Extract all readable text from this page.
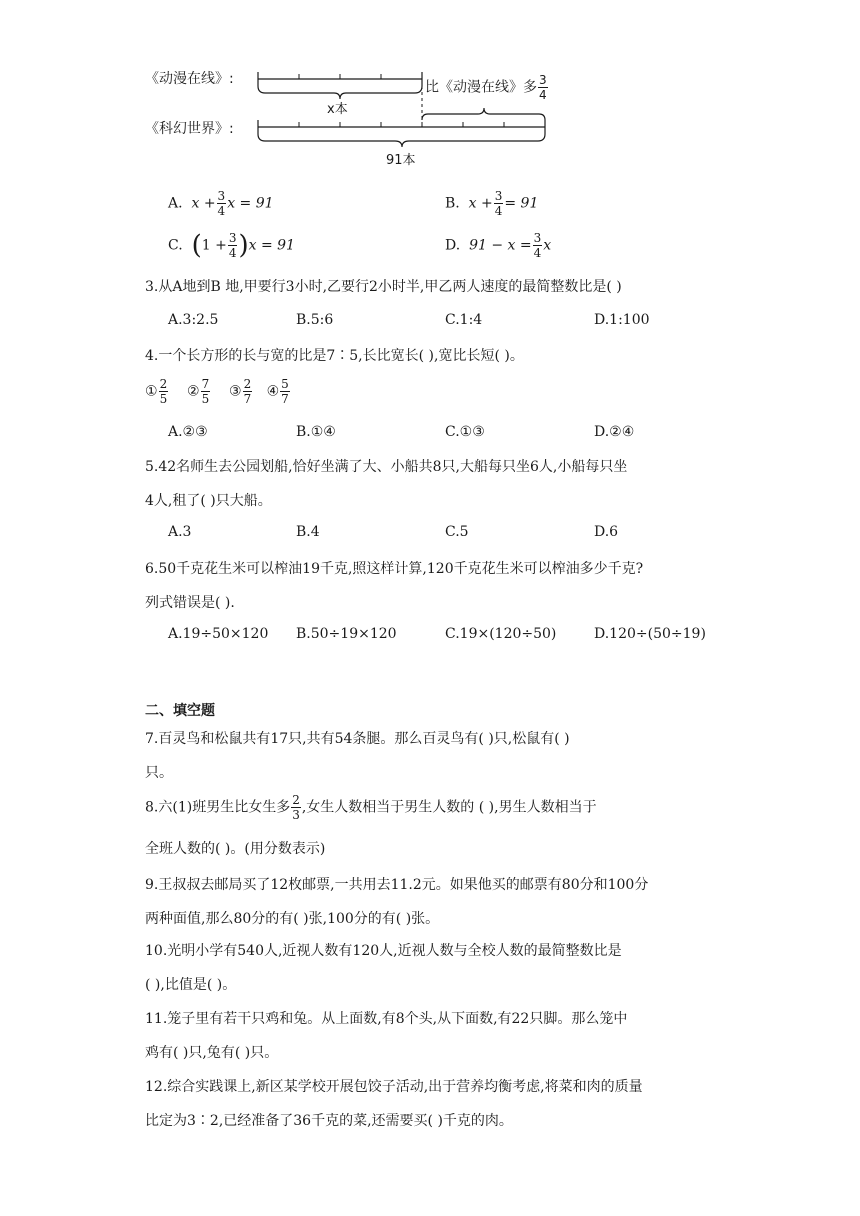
《动漫在线》:
《科幻世界》:
x本
比《动漫在线》多 $\frac{3}{4}$
91本
A. $x + \frac{3}{4}$ x = 91	B. $x + \frac{3}{4} = 91$
C. $(1 + \frac{3}{4} )x = 91$	D. $91 - x = \frac{3}{4}$ x
3.从A地到B 地,甲要行3小时,乙要行2小时半,甲乙两人速度的最简整数比是( )
A.3:2.5	B.5:6	C.1:4	D.1:100
4.一个长方形的长与宽的比是7∶5,长比宽长( ),宽比长短( )。
① $\frac{2}{5}$ ② $\frac{7}{5}$ ③ $\frac{2}{7}$ ④ $\frac{5}{7}$
A.②③	B.①④	C.①③	D.②④
5.42名师生去公园划船,恰好坐满了大、小船共8只,大船每只坐6人,小船每只坐
4人,租了( )只大船。
A.3	B.4	C.5	D.6
6.50千克花生米可以榨油19千克,照这样计算,120千克花生米可以榨油多少千克?
列式错误是( ).
A.19÷50×120 B.50÷19×120	C.19×(120÷50)	D.120÷(50÷19)
二、填空题
7.百灵鸟和松鼠共有17只,共有54条腿。那么百灵鸟有( )只,松鼠有( )
只。
8.六(1)班男生比女生多 $\frac{2}{3}$ ,女生人数相当于男生人数的 ( ),男生人数相当于
全班人数的( )。(用分数表示)
9.王叔叔去邮局买了12枚邮票,一共用去11.2元。如果他买的邮票有80分和100分
两种面值,那么80分的有( )张,100分的有( )张。
10.光明小学有540人,近视人数有120人,近视人数与全校人数的最简整数比是
( ),比值是( )。
11.笼子里有若干只鸡和兔。从上面数,有8个头,从下面数,有22只脚。那么笼中
鸡有( )只,兔有( )只。
12.综合实践课上,新区某学校开展包饺子活动,出于营养均衡考虑,将菜和肉的质量
比定为3∶2,已经准备了36千克的菜,还需要买( )千克的肉。
